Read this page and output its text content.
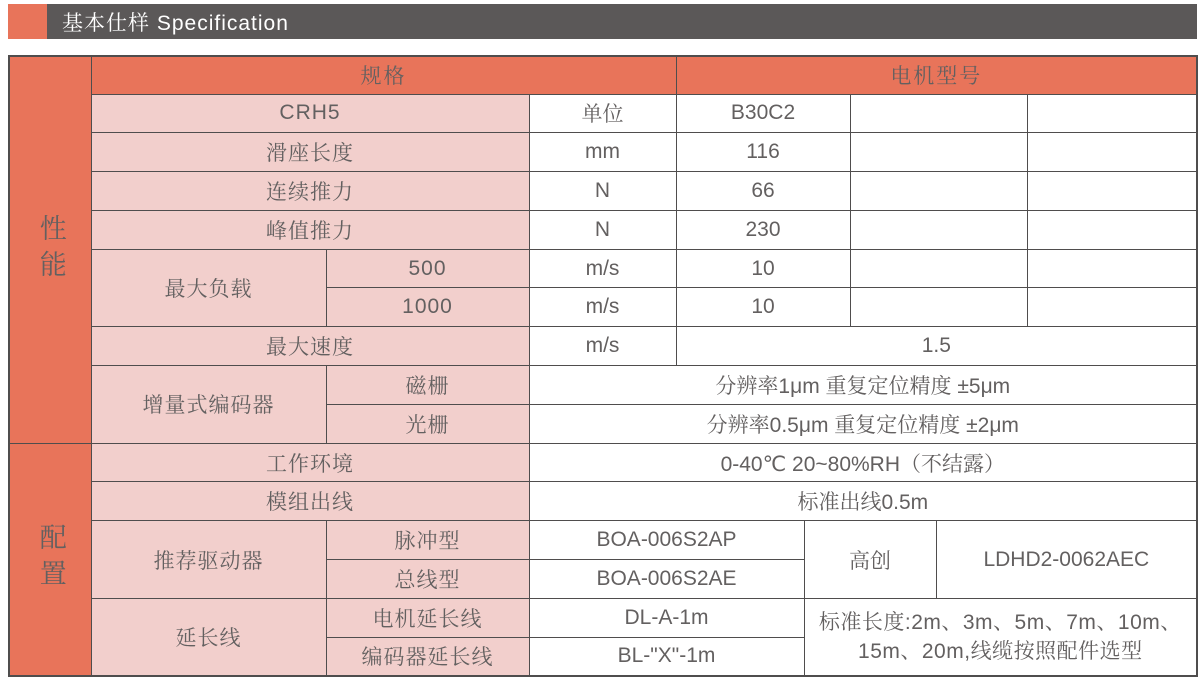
基本仕样 Specification
性能	规格			电机型号				
	CRH5		单位	B30C2				
	滑座长度		mm	116				
	连续推力		N	66				
	峰值推力		N	230				
	最大负载	500	m/s	10				
		1000	m/s	10				
	最大速度		m/s	1.5				
	增量式编码器	磁栅	分辨率1μm 重复定位精度 ±5μm					
		光栅	分辨率0.5μm 重复定位精度 ±2μm					

配置	工作环境		0-40℃ 20~80%RH（不结露）					
	模组出线		标准出线0.5m					
	推荐驱动器	脉冲型	BOA-006S2AP		高创		LDHD2-0062AEC	
		总线型	BOA-006S2AE					
	延长线	电机延长线	DL-A-1m		标准长度:2m、3m、5m、7m、10m、15m、20m,线缆按照配件选型			
		编码器延长线	BL-"X"-1m					
